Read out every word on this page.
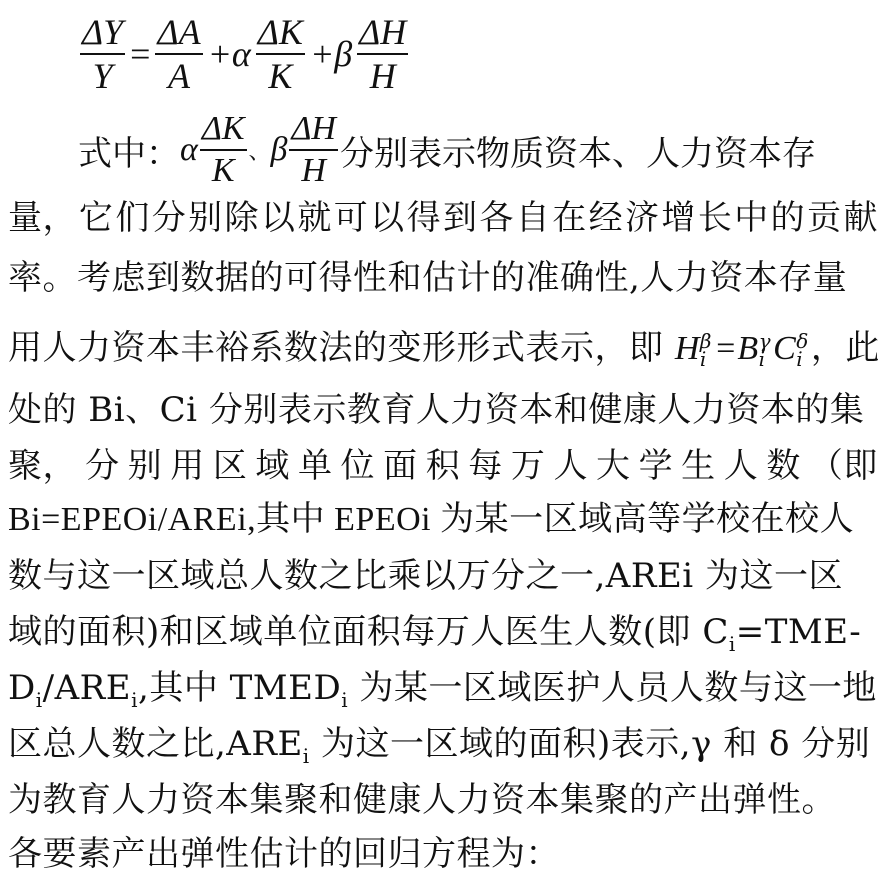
$\frac{\Delta Y}{Y} = \frac{\Delta A}{A} +\alpha \frac{\Delta K}{K} +\beta \frac{\Delta H}{H}$
式中： α $\frac{\Delta K}{K}$ 、 β $\frac{\Delta H}{H}$ 分别表示物质资本、人力资本存
量， 它 们 分 别 除 以 就 可 以 得 到 各 自 在 经 济 增 长 中 的 贡 献
率。考虑到数据的可得性和估计的准确性,人力资本存量
用人力资本丰裕系数法的变形形式表示，即 H β
i =B γ
i C δ
i ，此
处的 Bi、Ci 分别表示教育人力资本和健康人力资本的集
聚， 分 别 用 区 域 单 位 面 积 每 万 人 大 学 生 人 数 （即
Bi=EPEOi/AREi,其中 EPEOi 为某一区域高等学校在校人
数与这一区域总人数之比乘以万分之一,AREi 为这一区
域的面积)和区域单位面积每万人医生人数(即 $C_i=TME-$
$D_i/ARE_i$,其中 $TMED_i$ 为某一区域医护人员人数与这一地
区总人数之比$,ARE_i$ 为这一区域的面积)表示,γ 和 δ 分别
为教育人力资本集聚和健康人力资本集聚的产出弹性。
各要素产出弹性估计的回归方程为：
